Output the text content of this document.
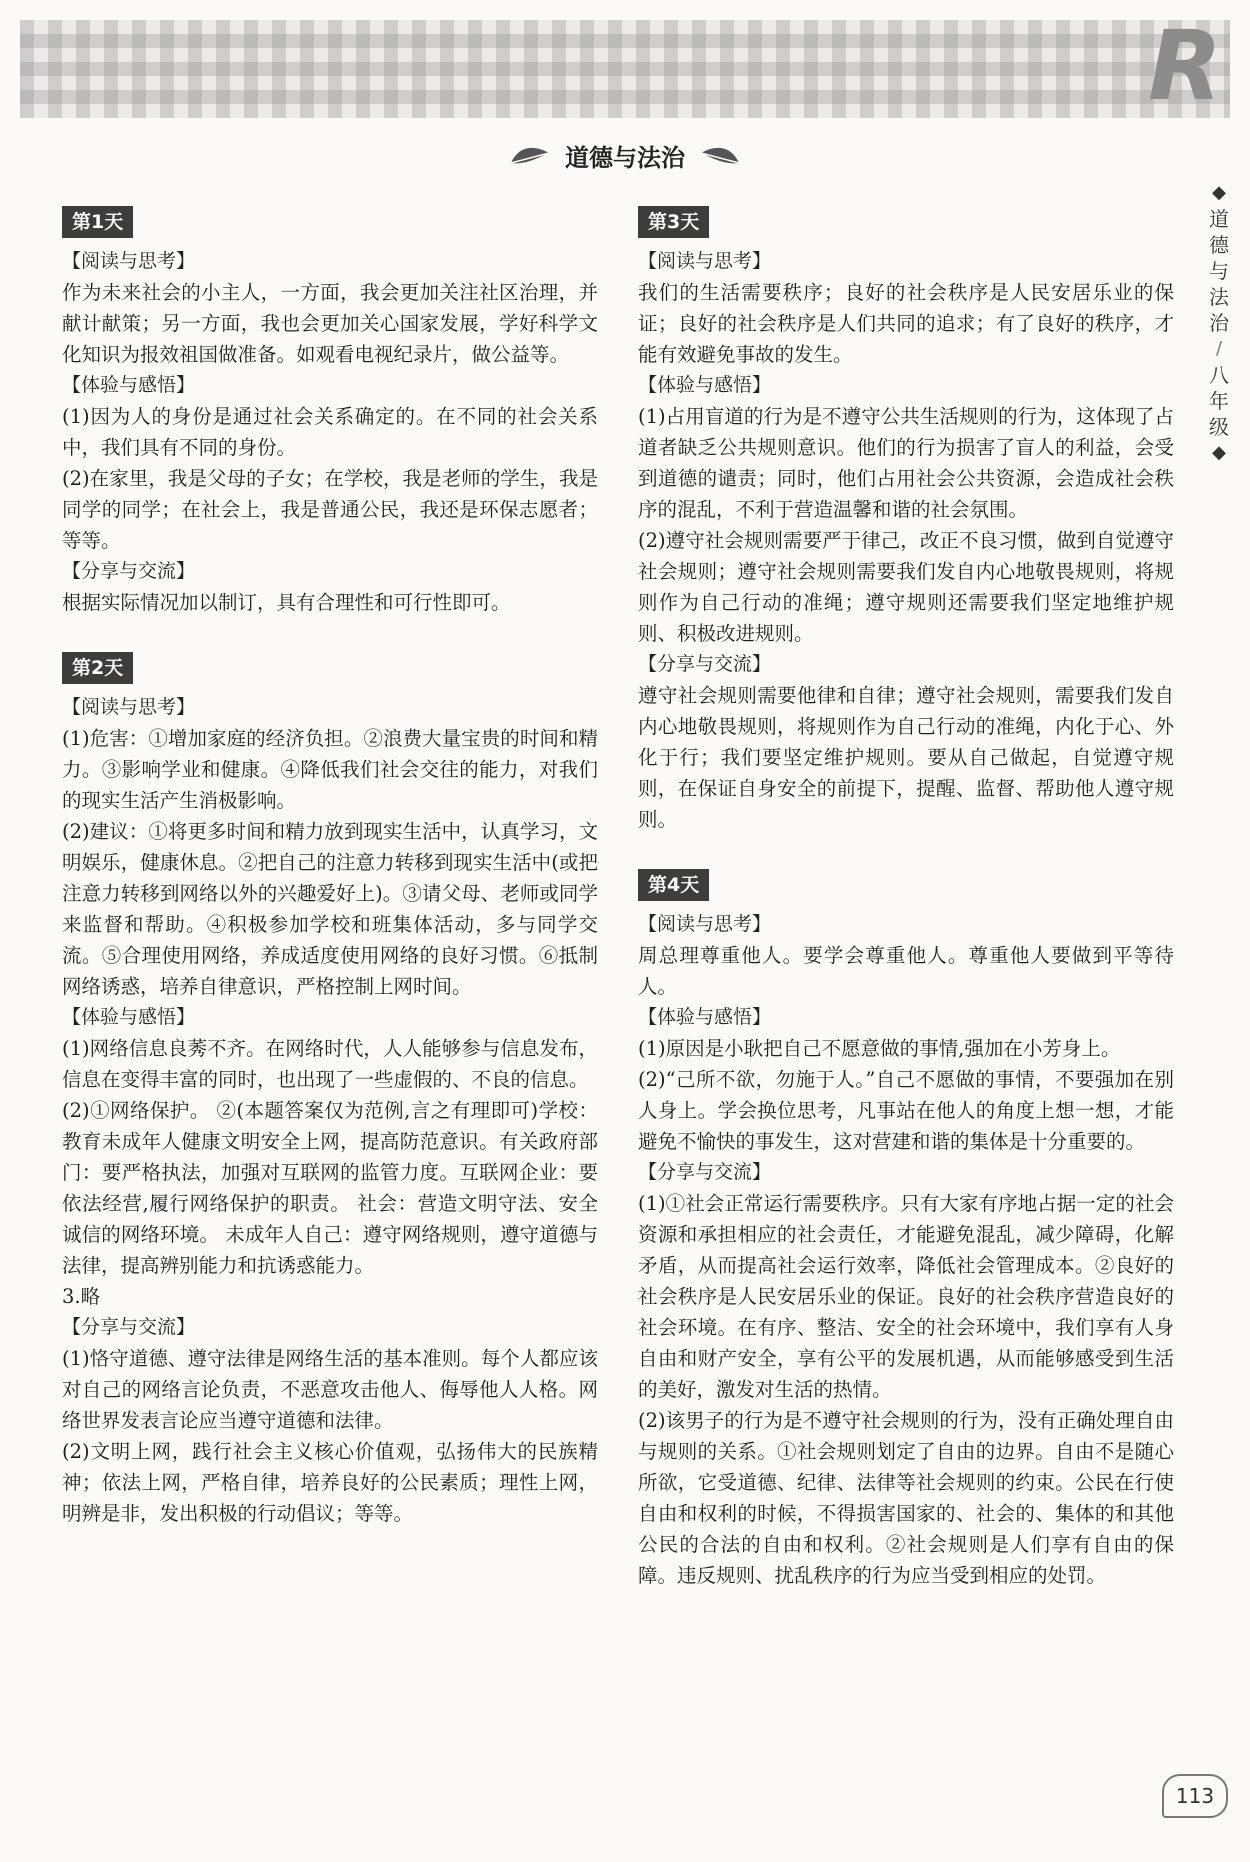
R
道德与法治
◆
道
德
与
法
治
/
八
年
级
◆
第1天

【阅读与思考】

作为未来社会的小主人，一方面，我会更加关注社区治理，并献计献策；另一方面，我也会更加关心国家发展，学好科学文化知识为报效祖国做准备。如观看电视纪录片，做公益等。

【体验与感悟】

(1)因为人的身份是通过社会关系确定的。在不同的社会关系中，我们具有不同的身份。

(2)在家里，我是父母的子女；在学校，我是老师的学生，我是同学的同学；在社会上，我是普通公民，我还是环保志愿者；等等。

【分享与交流】

根据实际情况加以制订，具有合理性和可行性即可。

第2天

【阅读与思考】

(1)危害：①增加家庭的经济负担。②浪费大量宝贵的时间和精力。③影响学业和健康。④降低我们社会交往的能力，对我们的现实生活产生消极影响。

(2)建议：①将更多时间和精力放到现实生活中，认真学习，文明娱乐，健康休息。②把自己的注意力转移到现实生活中(或把注意力转移到网络以外的兴趣爱好上)。③请父母、老师或同学来监督和帮助。④积极参加学校和班集体活动，多与同学交流。⑤合理使用网络，养成适度使用网络的良好习惯。⑥抵制网络诱惑，培养自律意识，严格控制上网时间。

【体验与感悟】

(1)网络信息良莠不齐。在网络时代，人人能够参与信息发布，信息在变得丰富的同时，也出现了一些虚假的、不良的信息。

(2)①网络保护。 ②(本题答案仅为范例,言之有理即可)学校：教育未成年人健康文明安全上网，提高防范意识。有关政府部门：要严格执法，加强对互联网的监管力度。互联网企业：要依法经营,履行网络保护的职责。 社会：营造文明守法、安全诚信的网络环境。 未成年人自己：遵守网络规则，遵守道德与法律，提高辨别能力和抗诱惑能力。

3.略

【分享与交流】

(1)恪守道德、遵守法律是网络生活的基本准则。每个人都应该对自己的网络言论负责，不恶意攻击他人、侮辱他人人格。网络世界发表言论应当遵守道德和法律。

(2)文明上网，践行社会主义核心价值观，弘扬伟大的民族精神；依法上网，严格自律，培养良好的公民素质；理性上网，明辨是非，发出积极的行动倡议；等等。

第3天

【阅读与思考】

我们的生活需要秩序；良好的社会秩序是人民安居乐业的保证；良好的社会秩序是人们共同的追求；有了良好的秩序，才能有效避免事故的发生。

【体验与感悟】

(1)占用盲道的行为是不遵守公共生活规则的行为，这体现了占道者缺乏公共规则意识。他们的行为损害了盲人的利益，会受到道德的谴责；同时，他们占用社会公共资源，会造成社会秩序的混乱，不利于营造温馨和谐的社会氛围。

(2)遵守社会规则需要严于律己，改正不良习惯，做到自觉遵守社会规则；遵守社会规则需要我们发自内心地敬畏规则，将规则作为自己行动的准绳；遵守规则还需要我们坚定地维护规则、积极改进规则。

【分享与交流】

遵守社会规则需要他律和自律；遵守社会规则，需要我们发自内心地敬畏规则，将规则作为自己行动的准绳，内化于心、外化于行；我们要坚定维护规则。要从自己做起，自觉遵守规则，在保证自身安全的前提下，提醒、监督、帮助他人遵守规则。

第4天

【阅读与思考】

周总理尊重他人。要学会尊重他人。尊重他人要做到平等待人。

【体验与感悟】

(1)原因是小耿把自己不愿意做的事情,强加在小芳身上。

(2)“己所不欲，勿施于人。”自己不愿做的事情，不要强加在别人身上。学会换位思考，凡事站在他人的角度上想一想，才能避免不愉快的事发生，这对营建和谐的集体是十分重要的。

【分享与交流】

(1)①社会正常运行需要秩序。只有大家有序地占据一定的社会资源和承担相应的社会责任，才能避免混乱，减少障碍，化解矛盾，从而提高社会运行效率，降低社会管理成本。②良好的社会秩序是人民安居乐业的保证。良好的社会秩序营造良好的社会环境。在有序、整洁、安全的社会环境中，我们享有人身自由和财产安全，享有公平的发展机遇，从而能够感受到生活的美好，激发对生活的热情。

(2)该男子的行为是不遵守社会规则的行为，没有正确处理自由与规则的关系。①社会规则划定了自由的边界。自由不是随心所欲，它受道德、纪律、法律等社会规则的约束。公民在行使自由和权利的时候，不得损害国家的、社会的、集体的和其他公民的合法的自由和权利。②社会规则是人们享有自由的保障。违反规则、扰乱秩序的行为应当受到相应的处罚。

113
